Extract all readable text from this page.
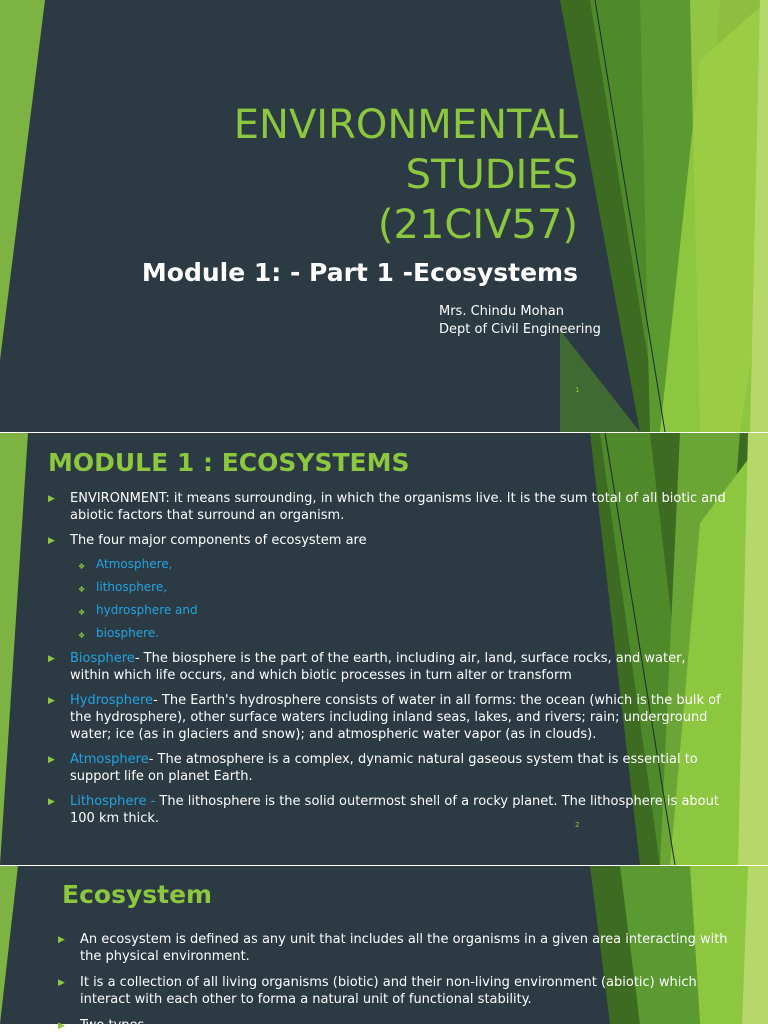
ENVIRONMENTAL
STUDIES
(21CIV57)
Module 1: - Part 1 -Ecosystems
Mrs. Chindu Mohan
Dept of Civil Engineering
1
MODULE 1 : ECOSYSTEMS
▶ ENVIRONMENT: it means surrounding, in which the organisms live. It is the sum total of all biotic and abiotic factors that surround an organism.
▶ The four major components of ecosystem are
❖ Atmosphere,
❖ lithosphere,
❖ hydrosphere and
❖ biosphere.
▶ Biosphere- The biosphere is the part of the earth, including air, land, surface rocks, and water, within which life occurs, and which biotic processes in turn alter or transform
▶ Hydrosphere- The Earth's hydrosphere consists of water in all forms: the ocean (which is the bulk of the hydrosphere), other surface waters including inland seas, lakes, and rivers; rain; underground water; ice (as in glaciers and snow); and atmospheric water vapor (as in clouds).
▶ Atmosphere- The atmosphere is a complex, dynamic natural gaseous system that is essential to support life on planet Earth.
▶ Lithosphere - The lithosphere is the solid outermost shell of a rocky planet. The lithosphere is about 100 km thick.	2
Ecosystem
▶ An ecosystem is defined as any unit that includes all the organisms in a given area interacting with the physical environment.
▶ It is a collection of all living organisms (biotic) and their non-living environment (abiotic) which interact with each other to forma a natural unit of functional stability.
▶ Two types
